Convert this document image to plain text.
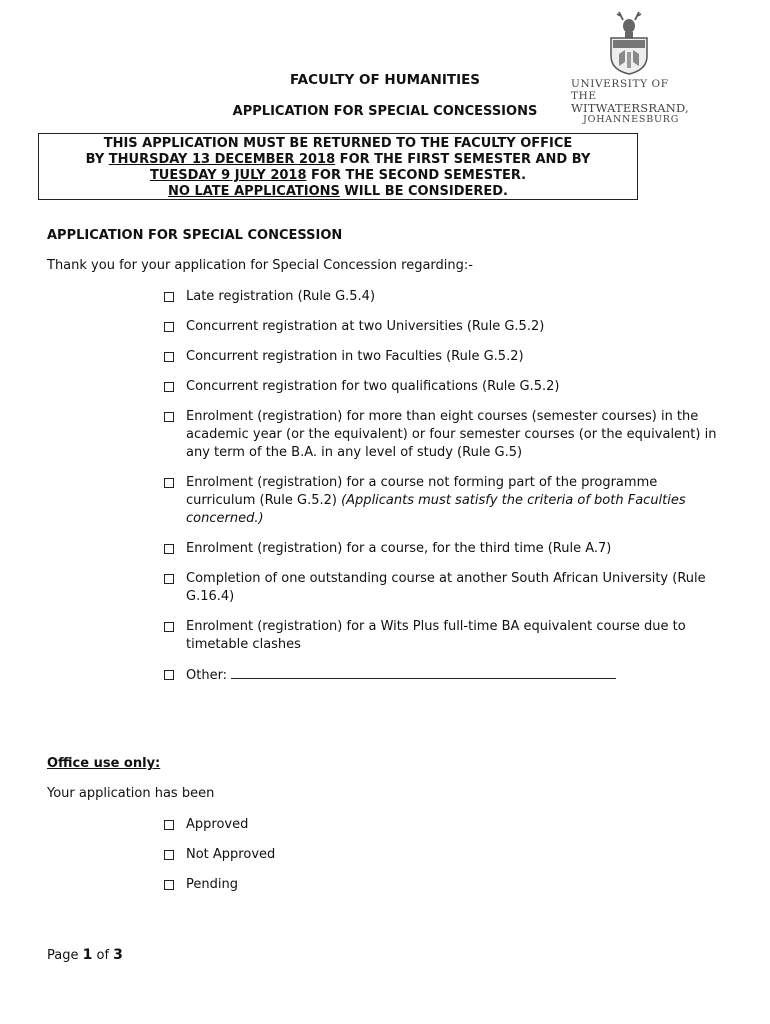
UNIVERSITY OF THE
WITWATERSRAND,
JOHANNESBURG
FACULTY OF HUMANITIES
APPLICATION FOR SPECIAL CONCESSIONS
THIS APPLICATION MUST BE RETURNED TO THE FACULTY OFFICE
BY THURSDAY 13 DECEMBER 2018 FOR THE FIRST SEMESTER AND BY
TUESDAY 9 JULY 2018 FOR THE SECOND SEMESTER.
NO LATE APPLICATIONS WILL BE CONSIDERED.
APPLICATION FOR SPECIAL CONCESSION
Thank you for your application for Special Concession regarding:-
Late registration (Rule G.5.4)
Concurrent registration at two Universities (Rule G.5.2)
Concurrent registration in two Faculties (Rule G.5.2)
Concurrent registration for two qualifications (Rule G.5.2)
Enrolment (registration) for more than eight courses (semester courses) in the academic year (or the equivalent) or four semester courses (or the equivalent) in any term of the B.A. in any level of study (Rule G.5)
Enrolment (registration) for a course not forming part of the programme curriculum (Rule G.5.2) (Applicants must satisfy the criteria of both Faculties concerned.)
Enrolment (registration) for a course, for the third time (Rule A.7)
Completion of one outstanding course at another South African University (Rule G.16.4)
Enrolment (registration) for a Wits Plus full-time BA equivalent course due to timetable clashes
Other:
Office use only:
Your application has been
Approved
Not Approved
Pending
Page 1 of 3
